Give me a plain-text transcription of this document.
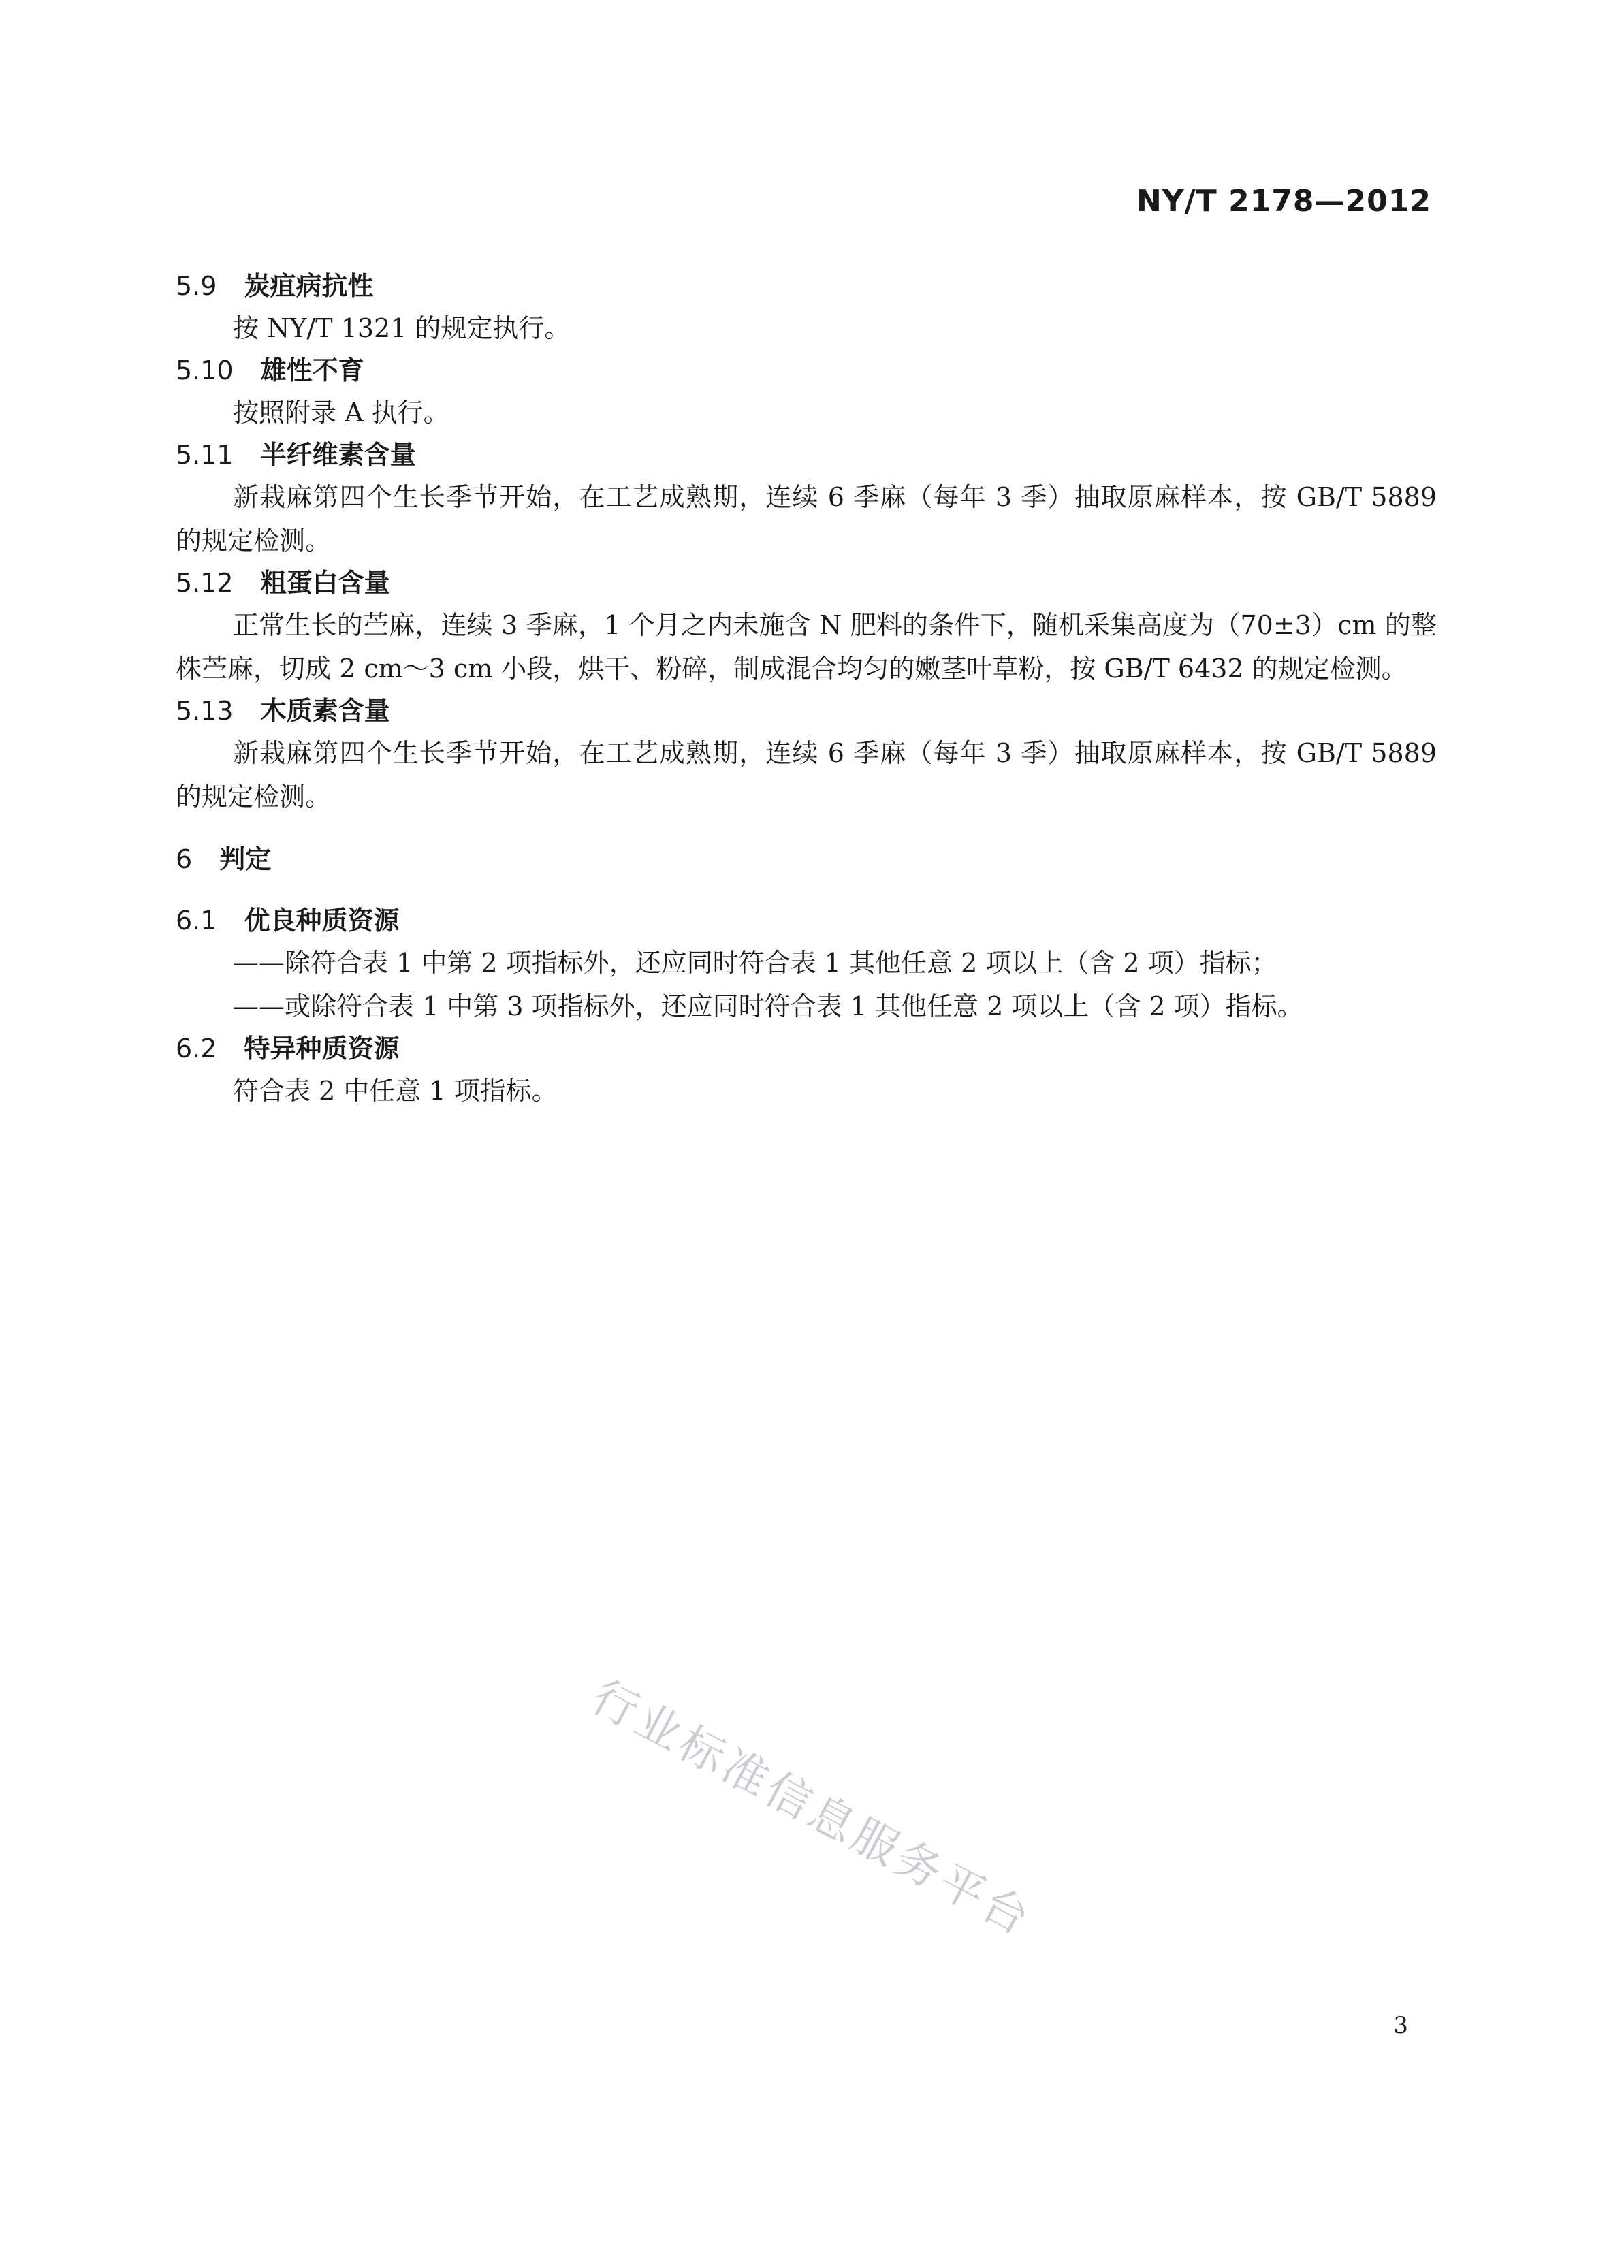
NY/T 2178—2012
5.9 炭疽病抗性

按 NY/T 1321 的规定执行。

5.10 雄性不育

按照附录 A 执行。

5.11 半纤维素含量

新栽麻第四个生长季节开始，在工艺成熟期，连续 6 季麻（每年 3 季）抽取原麻样本，按 GB/T 5889 的规定检测。

5.12 粗蛋白含量

正常生长的苎麻，连续 3 季麻，1 个月之内未施含 N 肥料的条件下，随机采集高度为（70±3）cm 的整株苎麻，切成 2 cm～3 cm 小段，烘干、粉碎，制成混合均匀的嫩茎叶草粉，按 GB/T 6432 的规定检测。

5.13 木质素含量

新栽麻第四个生长季节开始，在工艺成熟期，连续 6 季麻（每年 3 季）抽取原麻样本，按 GB/T 5889 的规定检测。

6 判定
6.1 优良种质资源

——除符合表 1 中第 2 项指标外，还应同时符合表 1 其他任意 2 项以上（含 2 项）指标；

——或除符合表 1 中第 3 项指标外，还应同时符合表 1 其他任意 2 项以上（含 2 项）指标。

6.2 特异种质资源

符合表 2 中任意 1 项指标。

行业标准信息服务平台
3
